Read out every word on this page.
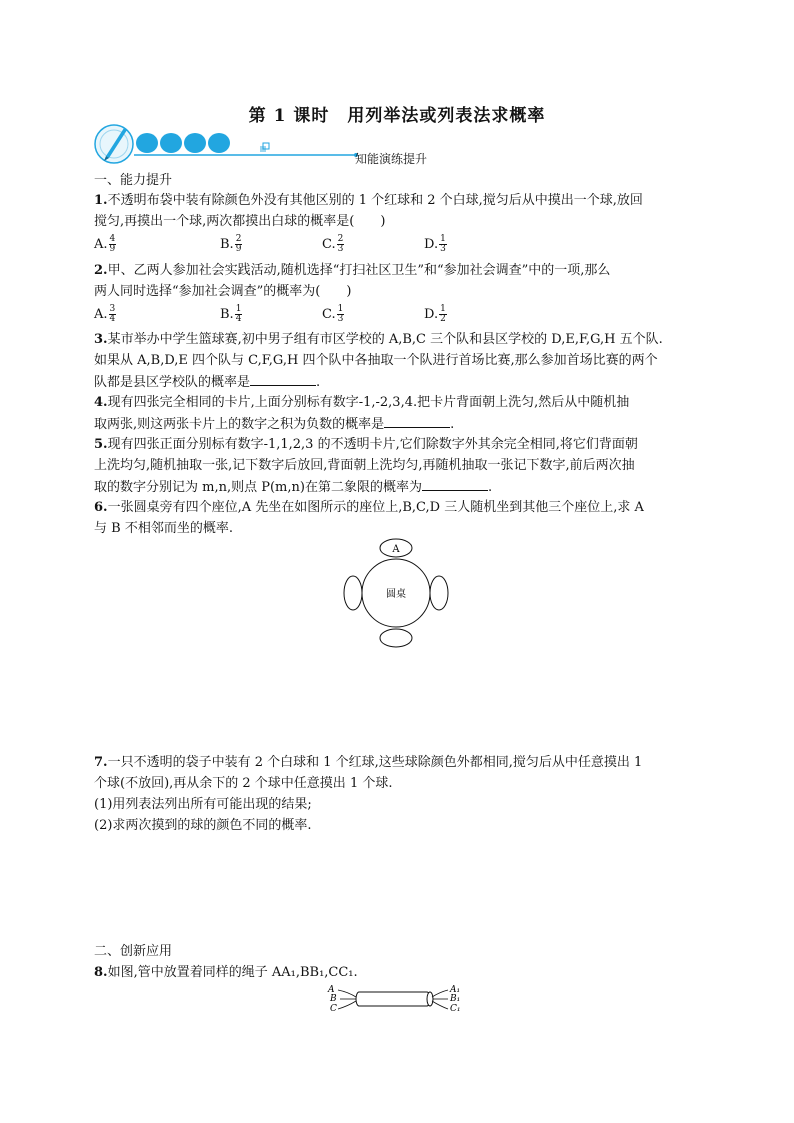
第 1 课时　用列举法或列表法求概率
知能演练提升
一、能力提升
1.不透明布袋中装有除颜色外没有其他区别的 1 个红球和 2 个白球,搅匀后从中摸出一个球,放回
搅匀,再摸出一个球,两次都摸出白球的概率是(　　)
A. $\frac{4}{9}$	B. $\frac{2}{9}$	C. $\frac{2}{3}$	D. $\frac{1}{3}$
2.甲、乙两人参加社会实践活动,随机选择“打扫社区卫生”和“参加社会调查”中的一项,那么
两人同时选择“参加社会调查”的概率为(　　)
A. $\frac{3}{4}$	B. $\frac{1}{4}$	C. $\frac{1}{3}$	D. $\frac{1}{2}$
3.某市举办中学生篮球赛,初中男子组有市区学校的 A,B,C 三个队和县区学校的 D,E,F,G,H 五个队.
如果从 A,B,D,E 四个队与 C,F,G,H 四个队中各抽取一个队进行首场比赛,那么参加首场比赛的两个
队都是县区学校队的概率是	.
4.现有四张完全相同的卡片,上面分别标有数字-1,-2,3,4.把卡片背面朝上洗匀,然后从中随机抽
取两张,则这两张卡片上的数字之积为负数的概率是	.
5.现有四张正面分别标有数字-1,1,2,3 的不透明卡片,它们除数字外其余完全相同,将它们背面朝
上洗均匀,随机抽取一张,记下数字后放回,背面朝上洗均匀,再随机抽取一张记下数字,前后两次抽
取的数字分别记为 m,n,则点 P(m,n)在第二象限的概率为	.
6.一张圆桌旁有四个座位,A 先坐在如图所示的座位上,B,C,D 三人随机坐到其他三个座位上,求 A
与 B 不相邻而坐的概率.
A
圆桌
7.一只不透明的袋子中装有 2 个白球和 1 个红球,这些球除颜色外都相同,搅匀后从中任意摸出 1
个球(不放回),再从余下的 2 个球中任意摸出 1 个球.
(1)用列表法列出所有可能出现的结果;
(2)求两次摸到的球的颜色不同的概率.
二、创新应用
8.如图,管中放置着同样的绳子 AA₁,BB₁,CC₁.
A
B
C
A₁
B₁
C₁
